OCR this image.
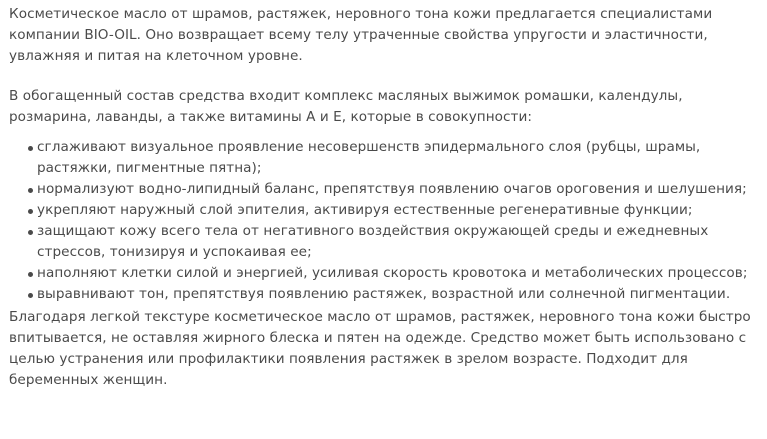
Косметическое масло от шрамов, растяжек, неровного тона кожи предлагается специалистами компании BIO-OIL. Оно возвращает всему телу утраченные свойства упругости и эластичности, увлажняя и питая на клеточном уровне.

В обогащенный состав средства входит комплекс масляных выжимок ромашки, календулы, розмарина, лаванды, а также витамины А и Е, которые в совокупности:

сглаживают визуальное проявление несовершенств эпидермального слоя (рубцы, шрамы, растяжки, пигментные пятна);
нормализуют водно-липидный баланс, препятствуя появлению очагов ороговения и шелушения;
укрепляют наружный слой эпителия, активируя естественные регенеративные функции;
защищают кожу всего тела от негативного воздействия окружающей среды и ежедневных стрессов, тонизируя и успокаивая ее;
наполняют клетки силой и энергией, усиливая скорость кровотока и метаболических процессов;
выравнивают тон, препятствуя появлению растяжек, возрастной или солнечной пигментации.

Благодаря легкой текстуре косметическое масло от шрамов, растяжек, неровного тона кожи быстро впитывается, не оставляя жирного блеска и пятен на одежде. Средство может быть использовано с целью устранения или профилактики появления растяжек в зрелом возрасте. Подходит для беременных женщин.
